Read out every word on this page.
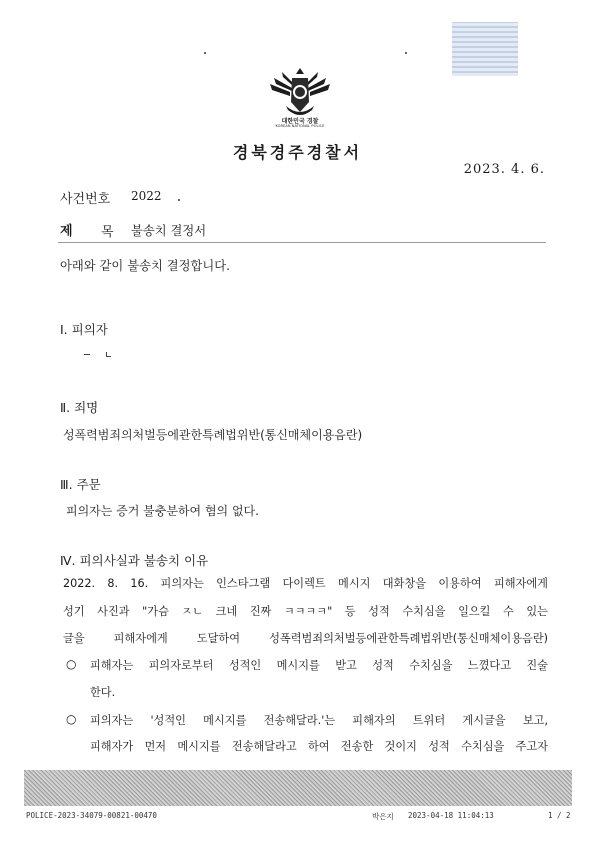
대한민국 경찰
KOREAN NATIONAL POLICE
경북경주경찰서
2023. 4. 6.
사건번호 2022
제 목 불송치 결정서
아래와 같이 불송치 결정합니다.
Ⅰ. 피의자
Ⅱ. 죄명
성폭력범죄의처벌등에관한특례법위반(통신매체이용음란)
Ⅲ. 주문
피의자는 증거 불충분하여 혐의 없다.
Ⅳ. 피의사실과 불송치 이유
2022. 8. 16. 피의자는 인스타그램 다이렉트 메시지 대화창을 이용하여 피해자에게
성기 사진과 "가슴 ㅈㄴ 크네 진짜 ㅋㅋㅋㅋ" 등 성적 수치심을 일으킬 수 있는
글을 피해자에게 도달하여 성폭력범죄의처벌등에관한특례법위반(통신매체이용음란)
○ 피해자는 피의자로부터 성적인 메시지를 받고 성적 수치심을 느꼈다고 진술
한다.
○ 피의자는 '성적인 메시지를 전송해달라.'는 피해자의 트위터 게시글을 보고,
피해자가 먼저 메시지를 전송해달라고 하여 전송한 것이지 성적 수치심을 주고자
POLICE-2023-34079-00821-00470	박은지 2023-04-18 11:04:13	1 / 2
